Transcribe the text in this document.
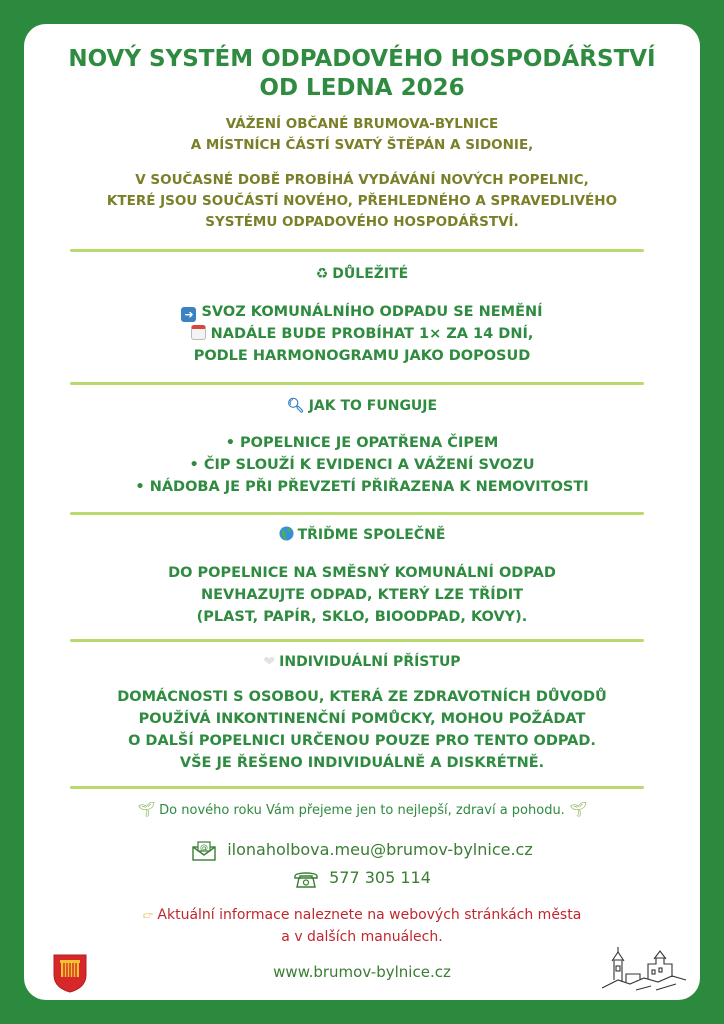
NOVÝ SYSTÉM ODPADOVÉHO HOSPODÁŘSTVÍ
OD LEDNA 2026
VÁŽENÍ OBČANÉ BRUMOVA-BYLNICE
A MÍSTNÍCH ČÁSTÍ SVATÝ ŠTĚPÁN A SIDONIE,
V SOUČASNÉ DOBĚ PROBÍHÁ VYDÁVÁNÍ NOVÝCH POPELNIC,
KTERÉ JSOU SOUČÁSTÍ NOVÉHO, PŘEHLEDNÉHO A SPRAVEDLIVÉHO
SYSTÉMU ODPADOVÉHO HOSPODÁŘSTVÍ.
♻ DŮLEŽITÉ
➜ SVOZ KOMUNÁLNÍHO ODPADU SE NEMĚNÍ
NADÁLE BUDE PROBÍHAT 1× ZA 14 DNÍ,
PODLE HARMONOGRAMU JAKO DOPOSUD
🔍︎ JAK TO FUNGUJE
• POPELNICE JE OPATŘENA ČIPEM
• ČIP SLOUŽÍ K EVIDENCI A VÁŽENÍ SVOZU
• NÁDOBA JE PŘI PŘEVZETÍ PŘIŘAZENA K NEMOVITOSTI
TŘIĎME SPOLEČNĚ
DO POPELNICE NA SMĚSNÝ KOMUNÁLNÍ ODPAD
NEVHAZUJTE ODPAD, KTERÝ LZE TŘÍDIT
(PLAST, PAPÍR, SKLO, BIOODPAD, KOVY).
❤ INDIVIDUÁLNÍ PŘÍSTUP
DOMÁCNOSTI S OSOBOU, KTERÁ ZE ZDRAVOTNÍCH DŮVODŮ
POUŽÍVÁ INKONTINENČNÍ POMŮCKY, MOHOU POŽÁDAT
O DALŠÍ POPELNICI URČENOU POUZE PRO TENTO ODPAD.
VŠE JE ŘEŠENO INDIVIDUÁLNĚ A DISKRÉTNĚ.
🌱︎ Do nového roku Vám přejeme jen to nejlepší, zdraví a pohodu. 🌱︎
@ ilonaholbova.meu@brumov-bylnice.cz
577 305 114
👉︎ Aktuální informace naleznete na webových stránkách města
a v dalších manuálech.
www.brumov-bylnice.cz
